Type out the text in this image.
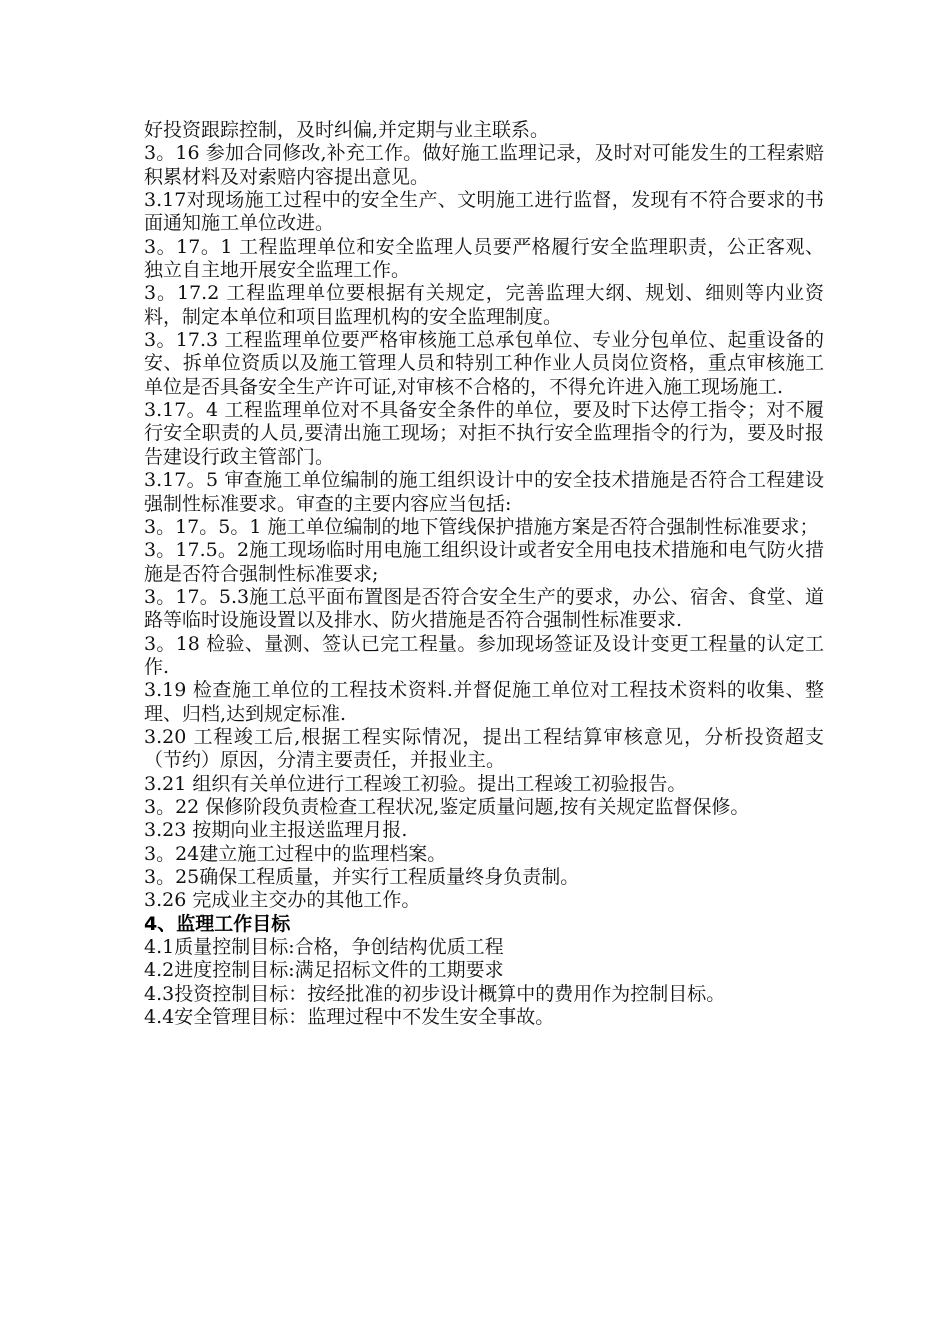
好投资跟踪控制，及时纠偏,并定期与业主联系。

3。16 参加合同修改,补充工作。做好施工监理记录，及时对可能发生的工程索赔积累材料及对索赔内容提出意见。

3.17对现场施工过程中的安全生产、文明施工进行监督，发现有不符合要求的书面通知施工单位改进。

3。17。1 工程监理单位和安全监理人员要严格履行安全监理职责，公正客观、独立自主地开展安全监理工作。

3。17.2 工程监理单位要根据有关规定，完善监理大纲、规划、细则等内业资料，制定本单位和项目监理机构的安全监理制度。

3。17.3 工程监理单位要严格审核施工总承包单位、专业分包单位、起重设备的安、拆单位资质以及施工管理人员和特别工种作业人员岗位资格，重点审核施工单位是否具备安全生产许可证,对审核不合格的，不得允许进入施工现场施工.

3.17。4 工程监理单位对不具备安全条件的单位，要及时下达停工指令；对不履行安全职责的人员,要清出施工现场；对拒不执行安全监理指令的行为，要及时报告建设行政主管部门。

3.17。5 审查施工单位编制的施工组织设计中的安全技术措施是否符合工程建设强制性标准要求。审查的主要内容应当包括:

3。17。5。1 施工单位编制的地下管线保护措施方案是否符合强制性标准要求；

3。17.5。2施工现场临时用电施工组织设计或者安全用电技术措施和电气防火措施是否符合强制性标准要求;

3。17。5.3施工总平面布置图是否符合安全生产的要求，办公、宿舍、食堂、道路等临时设施设置以及排水、防火措施是否符合强制性标准要求.

3。18 检验、量测、签认已完工程量。参加现场签证及设计变更工程量的认定工作.

3.19 检查施工单位的工程技术资料.并督促施工单位对工程技术资料的收集、整理、归档,达到规定标准.

3.20 工程竣工后,根据工程实际情况，提出工程结算审核意见，分析投资超支（节约）原因，分清主要责任，并报业主。

3.21 组织有关单位进行工程竣工初验。提出工程竣工初验报告。

3。22 保修阶段负责检查工程状况,鉴定质量问题,按有关规定监督保修。

3.23 按期向业主报送监理月报.

3。24建立施工过程中的监理档案。

3。25确保工程质量，并实行工程质量终身负责制。

3.26 完成业主交办的其他工作。

4、监理工作目标

4.1质量控制目标:合格，争创结构优质工程

4.2进度控制目标:满足招标文件的工期要求

4.3投资控制目标：按经批准的初步设计概算中的费用作为控制目标。

4.4安全管理目标：监理过程中不发生安全事故。
